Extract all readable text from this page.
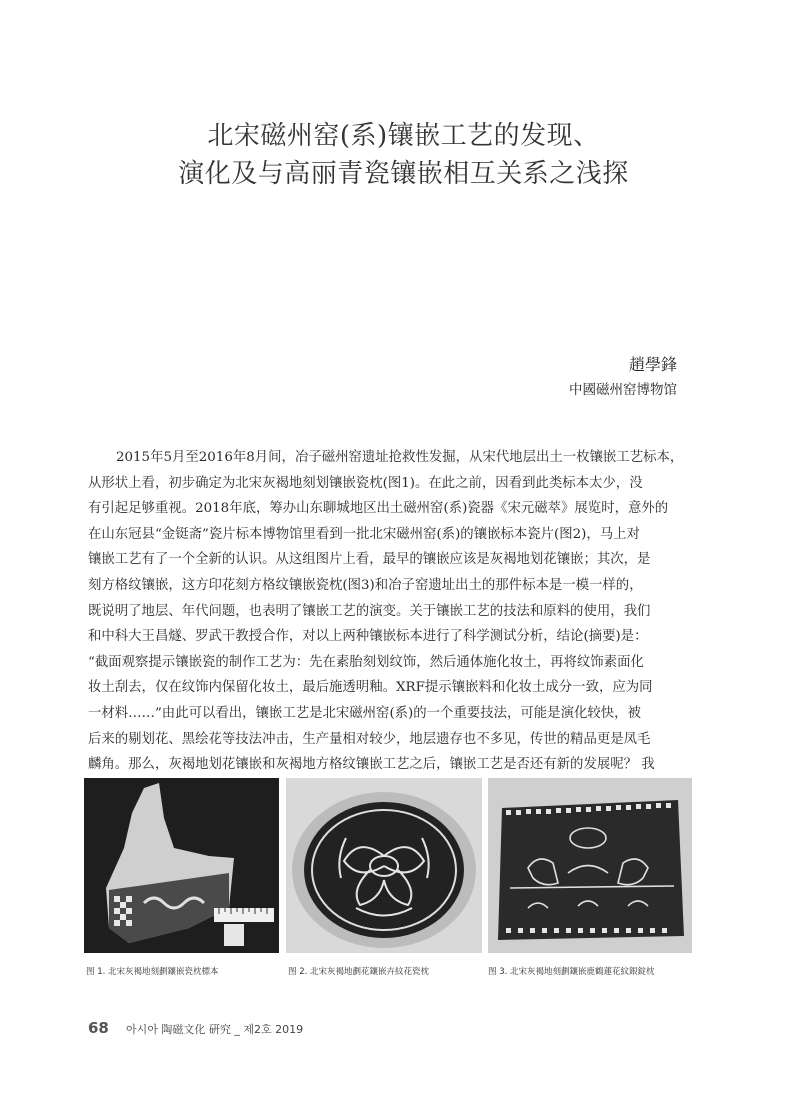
北宋磁州窑(系)镶嵌工艺的发现、
演化及与高丽青瓷镶嵌相互关系之浅探
趙學鋒
中國磁州窑博物馆

2015年5月至2016年8月间，冶子磁州窑遗址抢救性发掘，从宋代地层出土一枚镶嵌工艺标本，
从形状上看，初步确定为北宋灰褐地刻划镶嵌瓷枕(图1)。在此之前，因看到此类标本太少，没
有引起足够重视。2018年底，筹办山东聊城地区出土磁州窑(系)瓷器《宋元磁萃》展览时，意外的
在山东冠县“金铤斋”瓷片标本博物馆里看到一批北宋磁州窑(系)的镶嵌标本瓷片(图2)，马上对
镶嵌工艺有了一个全新的认识。从这组图片上看，最早的镶嵌应该是灰褐地划花镶嵌；其次，是
刻方格纹镶嵌，这方印花刻方格纹镶嵌瓷枕(图3)和冶子窑遗址出土的那件标本是一模一样的，
既说明了地层、年代问题，也表明了镶嵌工艺的演变。关于镶嵌工艺的技法和原料的使用，我们
和中科大王昌燧、罗武干教授合作，对以上两种镶嵌标本进行了科学测试分析，结论(摘要)是：
“截面观察提示镶嵌瓷的制作工艺为：先在素胎刻划纹饰，然后通体施化妆土，再将纹饰素面化
妆土刮去，仅在纹饰内保留化妆土，最后施透明釉。XRF提示镶嵌料和化妆土成分一致，应为同
一材料……”由此可以看出，镶嵌工艺是北宋磁州窑(系)的一个重要技法，可能是演化较快，被
后来的剔划花、黑绘花等技法冲击，生产量相对较少，地层遗存也不多见，传世的精品更是凤毛
麟角。那么，灰褐地划花镶嵌和灰褐地方格纹镶嵌工艺之后，镶嵌工艺是否还有新的发展呢？ 我

图 1. 北宋灰褐地刻劃鑲嵌瓷枕標本	图 2. 北宋灰褐地劃花鑲嵌卉紋花瓷枕	图 3. 北宋灰褐地刻劃鑲嵌鹿鶴蓮花紋銀錠枕
68 아시아 陶磁文化 硏究 _ 제2호 2019
